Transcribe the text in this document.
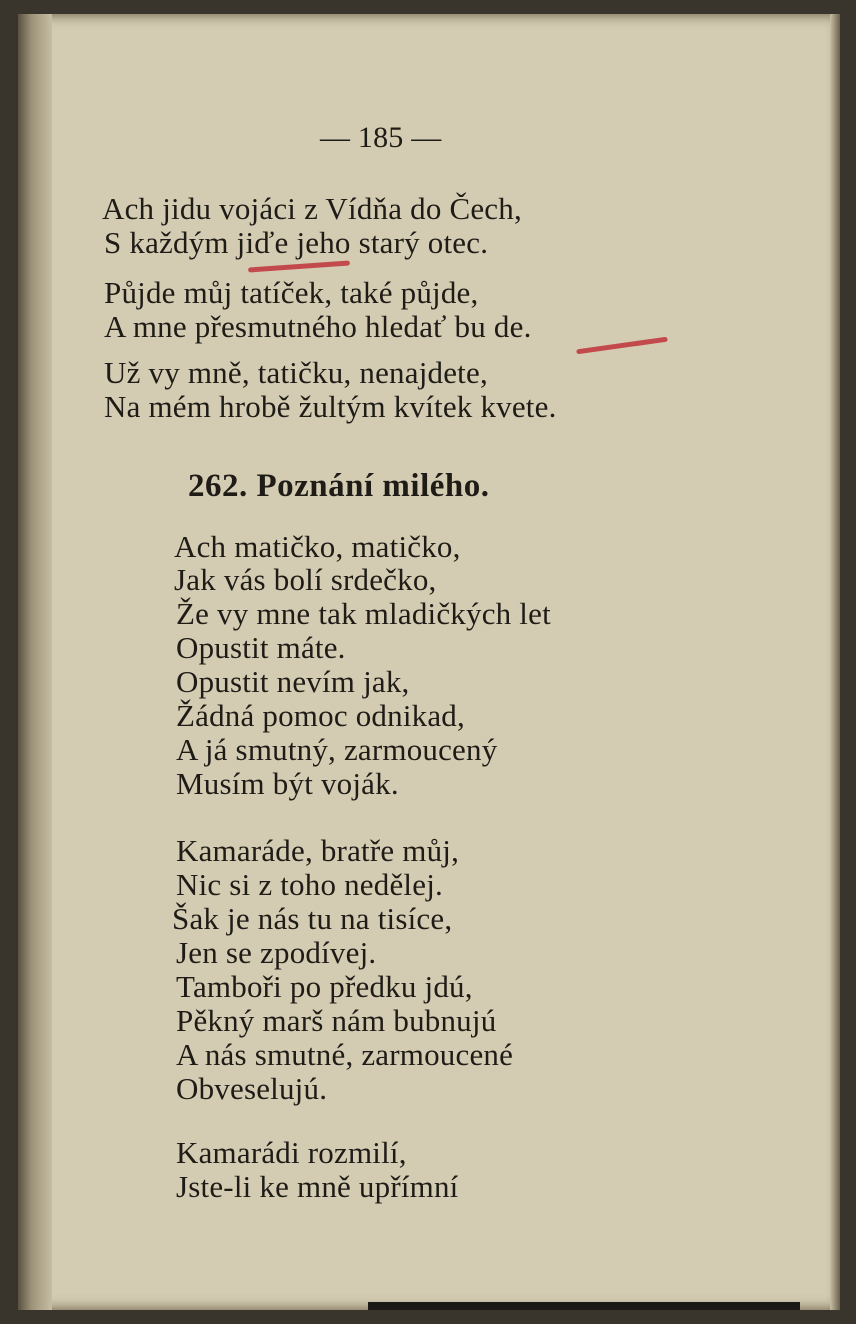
— 185 —

Ach jidu vojáci z Vídňa do Čech,

S každým jiďe jeho starý otec.

Půjde můj tatíček, také půjde,

A mne přesmutného hledať bu de.

Už vy mně, tatičku, nenajdete,

Na mém hrobě žultým kvítek kvete.

262. Poznání milého.

Ach matičko, matičko,

Jak vás bolí srdečko,

Že vy mne tak mladičkých let

Opustit máte.

Opustit nevím jak,

Žádná pomoc odnikad,

A já smutný, zarmoucený

Musím být voják.

Kamaráde, bratře můj,

Nic si z toho nedělej.

Šak je nás tu na tisíce,

Jen se zpodívej.

Tamboři po předku jdú,

Pěkný marš nám bubnujú

A nás smutné, zarmoucené

Obveselujú.

Kamarádi rozmilí,

Jste-li ke mně upřímní
